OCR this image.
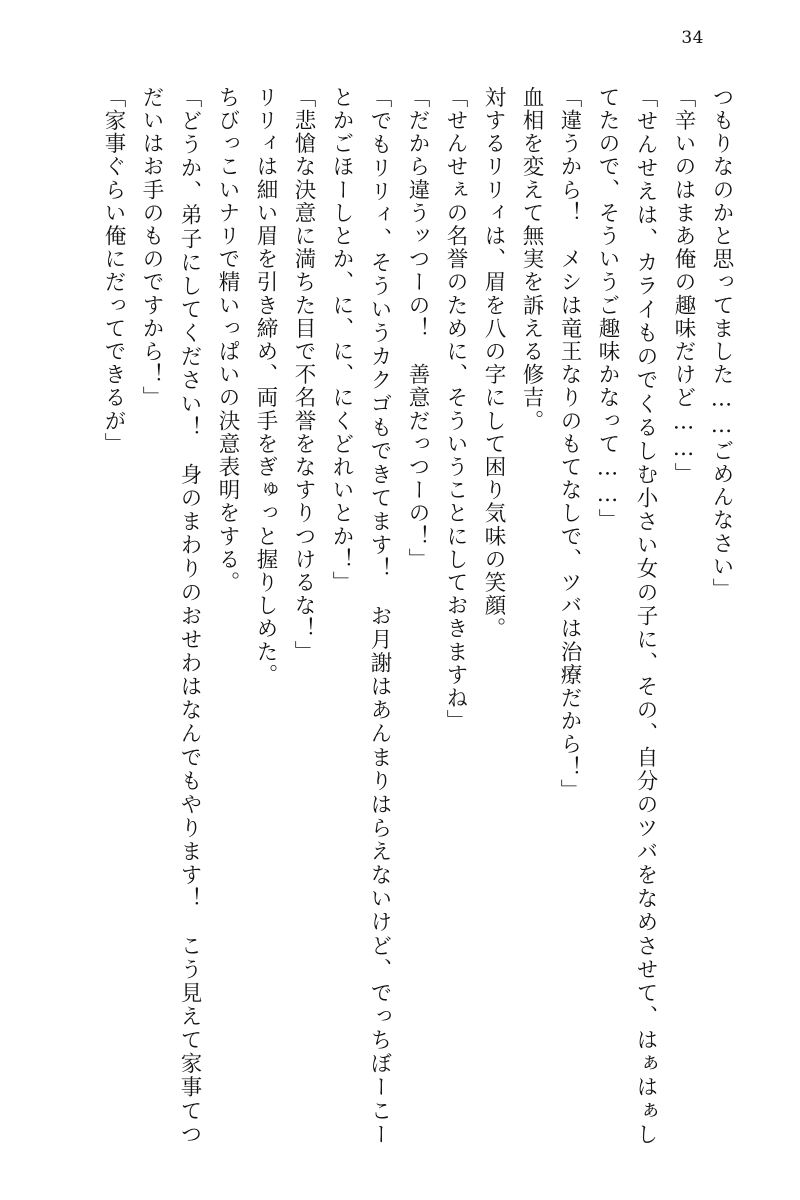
34

つもりなのかと思ってました……ごめんなさい」

「辛いのはまあ俺の趣味だけど……」

「せんせえは、カライものでくるしむ小さい女の子に、その、自分のツバをなめさせて、はぁはぁしてたので、そういうご趣味かなって……」

「違うから！　メシは竜王なりのもてなしで、ツバは治療だから！」

血相を変えて無実を訴える修吉。

対するリリィは、眉を八の字にして困り気味の笑顔。

「せんせぇの名誉のために、そういうことにしておきますね」

「だから違うッつーの！　善意だっつーの！」

「でもリリィ、そういうカクゴもできてます！　お月謝はあんまりはらえないけど、でっちぼーこーとかごほーしとか、に、に、にくどれいとか！」

「悲愴な決意に満ちた目で不名誉をなすりつけるな！」

リリィは細い眉を引き締め、両手をぎゅっと握りしめた。

ちびっこいナリで精いっぱいの決意表明をする。

「どうか、弟子にしてください！　身のまわりのおせわはなんでもやります！　こう見えて家事てつだいはお手のものですから！」

「家事ぐらい俺にだってできるが」
